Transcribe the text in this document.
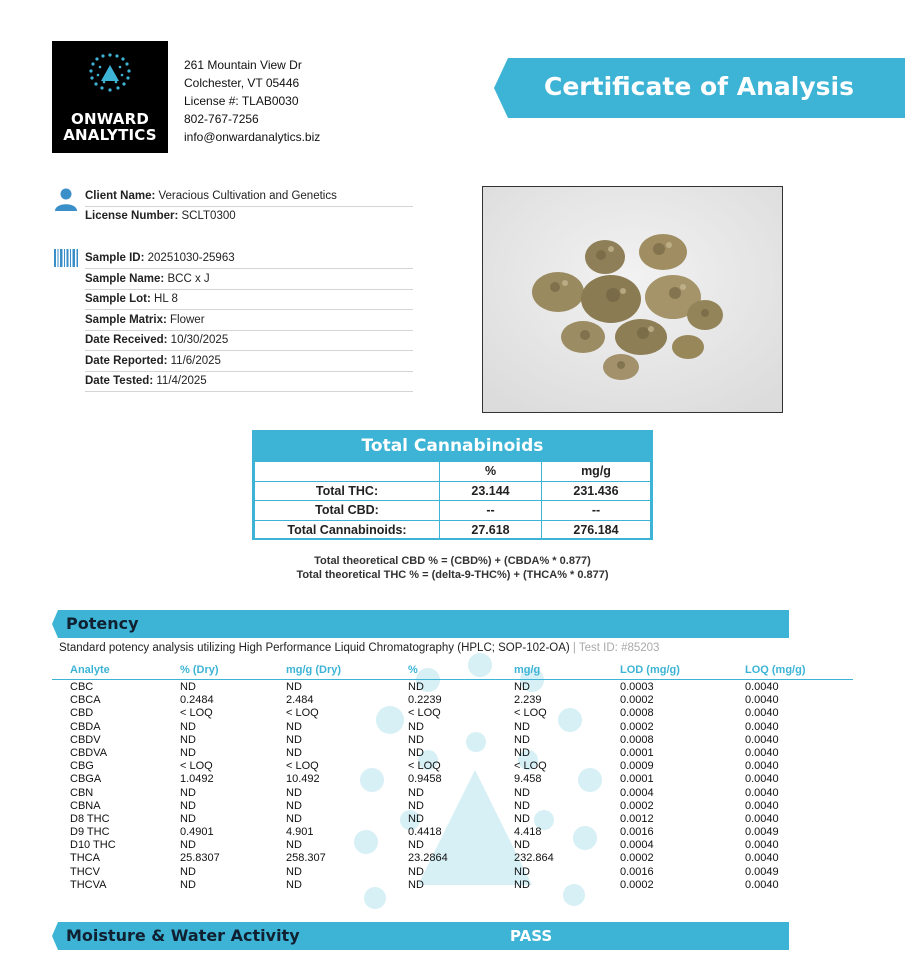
ONWARD
ANALYTICS
261 Mountain View Dr
Colchester, VT 05446
License #: TLAB0030
802-767-7256
info@onwardanalytics.biz
Certificate of Analysis
Client Name: Veracious Cultivation and Genetics
License Number: SCLT0300
Sample ID: 20251030-25963
Sample Name: BCC x J
Sample Lot: HL 8
Sample Matrix: Flower
Date Received: 10/30/2025
Date Reported: 11/6/2025
Date Tested: 11/4/2025
Total Cannabinoids
	%	mg/g
Total THC:	23.144	231.436
Total CBD:	--	--
Total Cannabinoids:	27.618	276.184
Total theoretical CBD % = (CBD%) + (CBDA% * 0.877)
Total theoretical THC % = (delta-9-THC%) + (THCA% * 0.877)
Potency
Standard potency analysis utilizing High Performance Liquid Chromatography (HPLC; SOP-102-OA) | Test ID: #85203
Analyte	% (Dry)	mg/g (Dry)	%	mg/g	LOD (mg/g)	LOQ (mg/g)
CBC	ND	ND	ND	ND	0.0003	0.0040
CBCA	0.2484	2.484	0.2239	2.239	0.0002	0.0040
CBD	< LOQ	< LOQ	< LOQ	< LOQ	0.0008	0.0040
CBDA	ND	ND	ND	ND	0.0002	0.0040
CBDV	ND	ND	ND	ND	0.0008	0.0040
CBDVA	ND	ND	ND	ND	0.0001	0.0040
CBG	< LOQ	< LOQ	< LOQ	< LOQ	0.0009	0.0040
CBGA	1.0492	10.492	0.9458	9.458	0.0001	0.0040
CBN	ND	ND	ND	ND	0.0004	0.0040
CBNA	ND	ND	ND	ND	0.0002	0.0040
D8 THC	ND	ND	ND	ND	0.0012	0.0040
D9 THC	0.4901	4.901	0.4418	4.418	0.0016	0.0049
D10 THC	ND	ND	ND	ND	0.0004	0.0040
THCA	25.8307	258.307	23.2864	232.864	0.0002	0.0040
THCV	ND	ND	ND	ND	0.0016	0.0049
THCVA	ND	ND	ND	ND	0.0002	0.0040
Moisture & Water Activity	PASS
